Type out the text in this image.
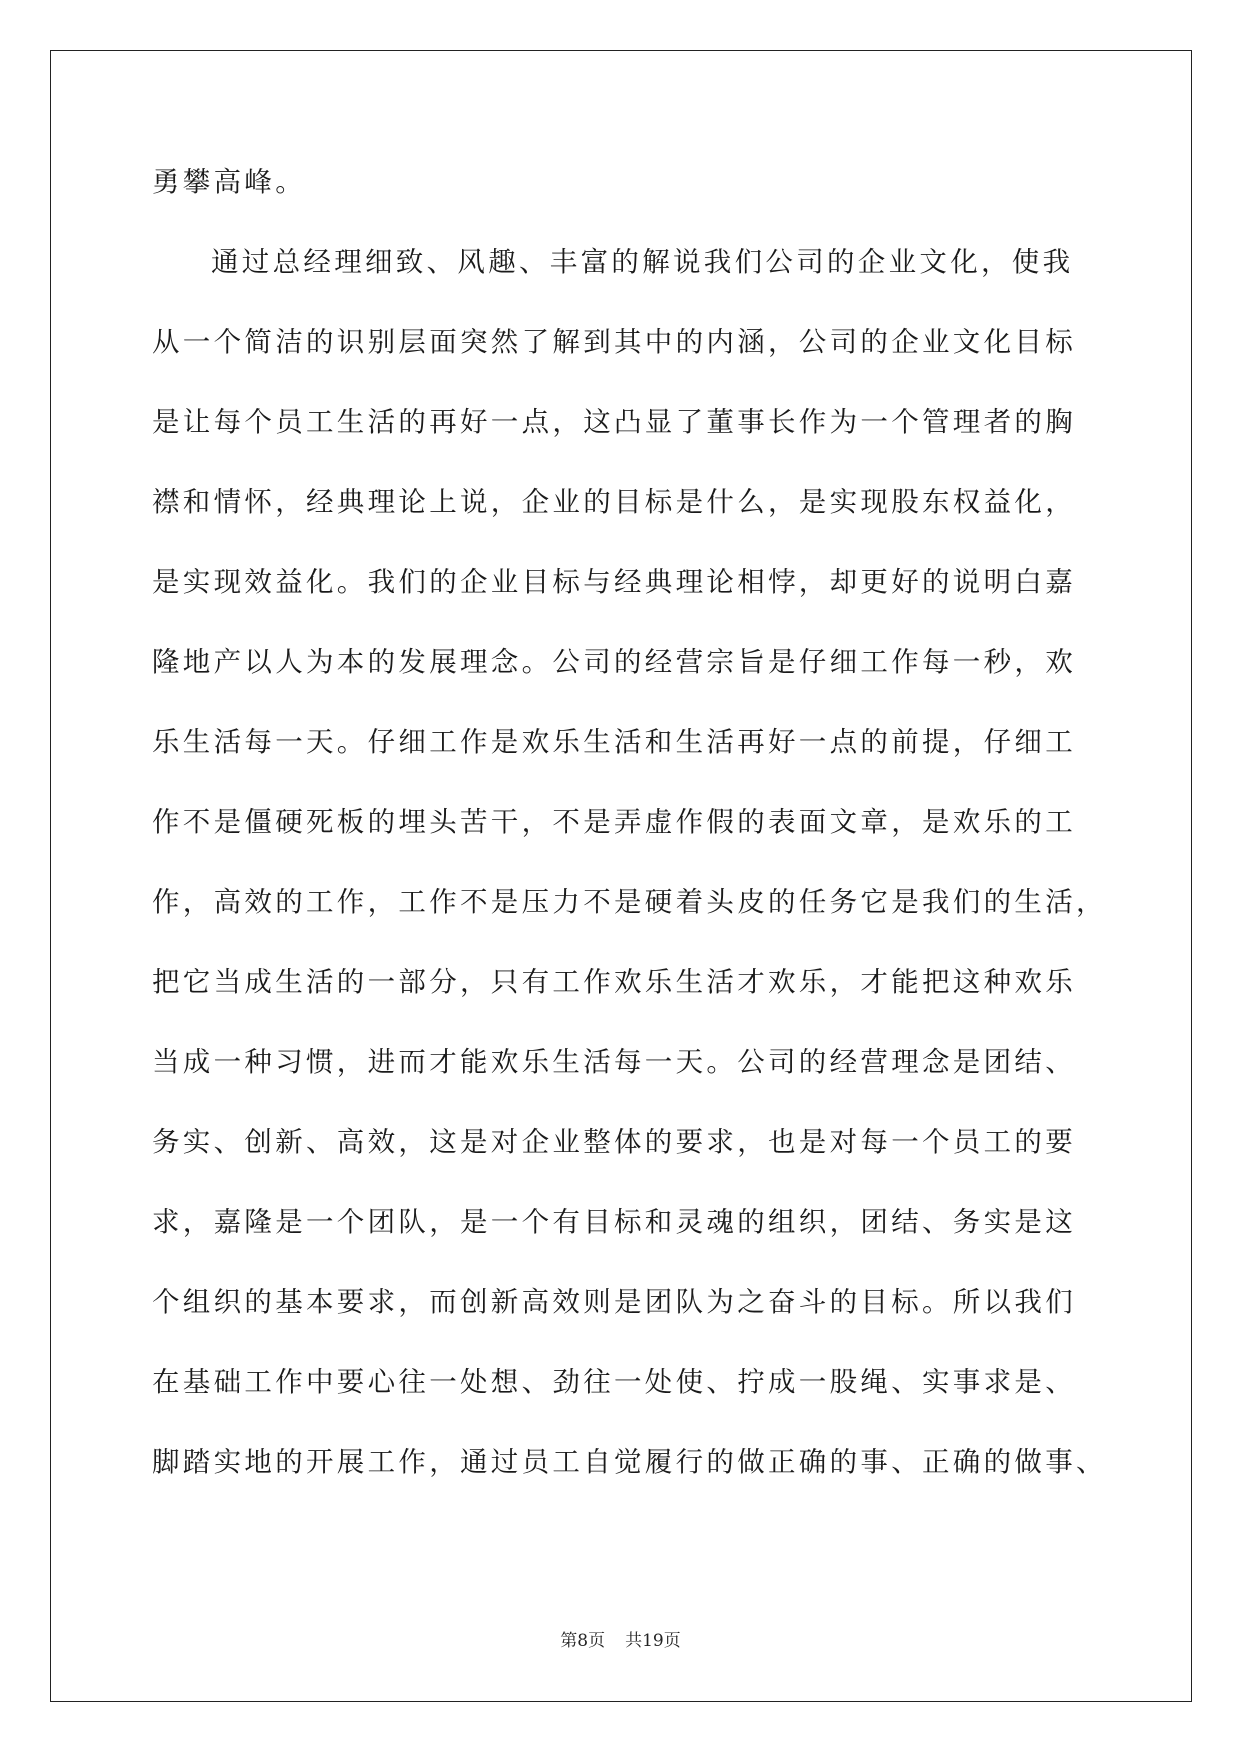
勇攀高峰。
通过总经理细致、风趣、丰富的解说我们公司的企业文化，使我
从一个简洁的识别层面突然了解到其中的内涵，公司的企业文化目标
是让每个员工生活的再好一点，这凸显了董事长作为一个管理者的胸
襟和情怀，经典理论上说，企业的目标是什么，是实现股东权益化，
是实现效益化。我们的企业目标与经典理论相悖，却更好的说明白嘉
隆地产以人为本的发展理念。公司的经营宗旨是仔细工作每一秒，欢
乐生活每一天。仔细工作是欢乐生活和生活再好一点的前提，仔细工
作不是僵硬死板的埋头苦干，不是弄虚作假的表面文章，是欢乐的工
作，高效的工作，工作不是压力不是硬着头皮的任务它是我们的生活，
把它当成生活的一部分，只有工作欢乐生活才欢乐，才能把这种欢乐
当成一种习惯，进而才能欢乐生活每一天。公司的经营理念是团结、
务实、创新、高效，这是对企业整体的要求，也是对每一个员工的要
求，嘉隆是一个团队，是一个有目标和灵魂的组织，团结、务实是这
个组织的基本要求，而创新高效则是团队为之奋斗的目标。所以我们
在基础工作中要心往一处想、劲往一处使、拧成一股绳、实事求是、
脚踏实地的开展工作，通过员工自觉履行的做正确的事、正确的做事、
第8页 共19页
